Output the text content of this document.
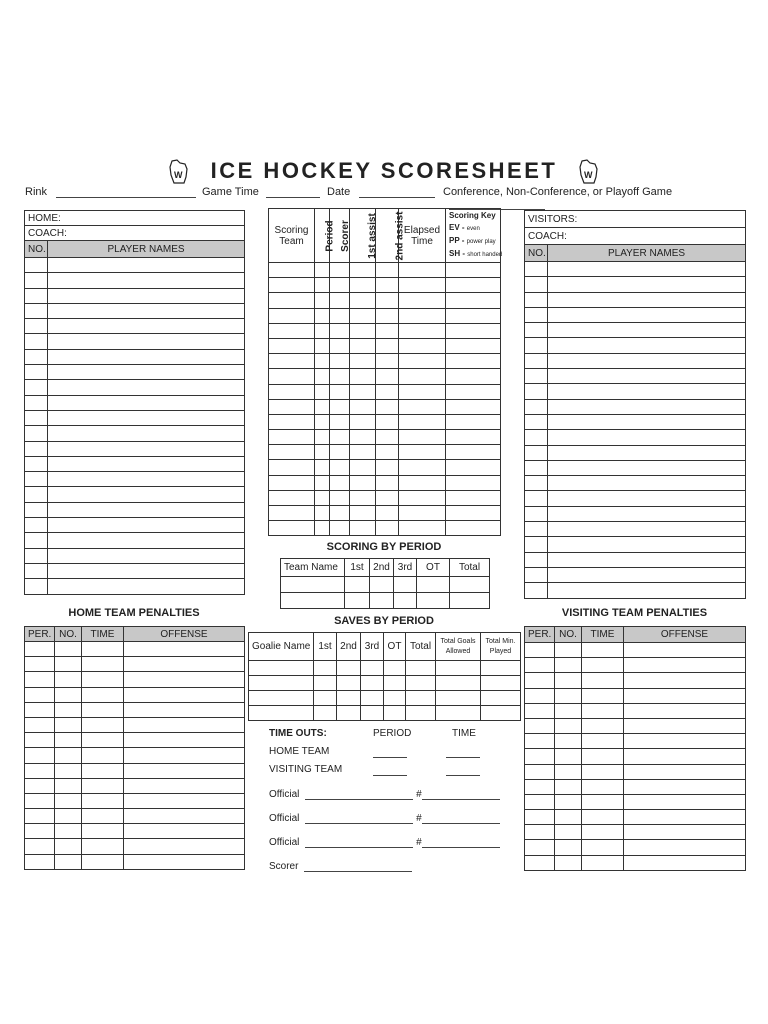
W ICE HOCKEY SCORESHEET	W
Rink	Game Time	Date	Conference, Non-Conference, or Playoff Game
HOME:	
COACH:	
NO.	PLAYER NAMES

VISITORS:	
COACH:	
NO.	PLAYER NAMES

Scoring Team	Period	Scorer	1st assist	2nd assist	Elapsed Time	Scoring Key
EV - even
PP - power play
SH - short handed

Team Name	1st	2nd	3rd	OT	Total

Goalie Name	1st	2nd	3rd	OT	Total	Total Goals Allowed	Total Min. Played

PER.	NO.	TIME	OFFENSE

				PER.	NO.	TIME	OFFENSE

SCORING BY PERIOD
SAVES BY PERIOD
HOME TEAM PENALTIES	VISITING TEAM PENALTIES
TIME OUTS:	PERIOD	TIME
HOME TEAM
VISITING TEAM
Official	#
Official	#
Official	#
Scorer
